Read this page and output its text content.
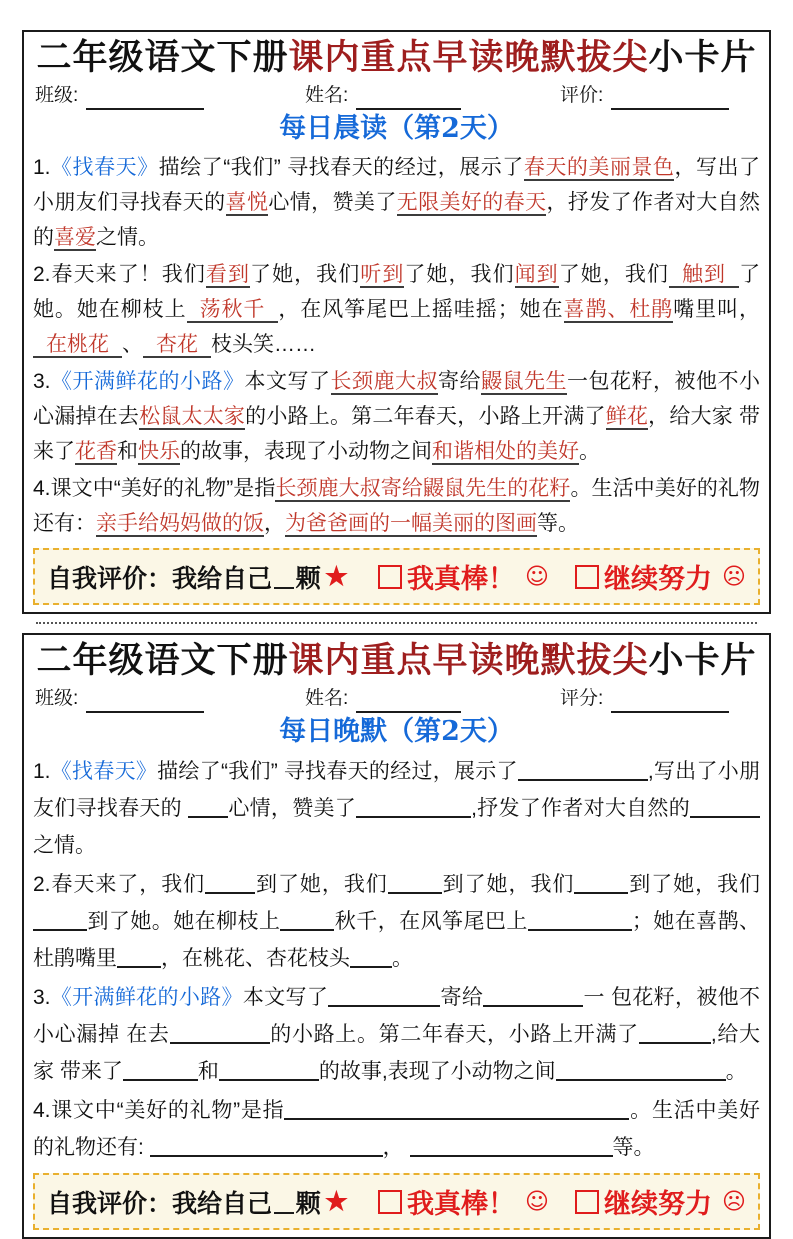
二年级语文下册课内重点早读晚默拔尖小卡片
班级:	姓名:	评价:
每日晨读（第2天）
1.《找春天》描绘了“我们” 寻找春天的经过，展示了春天的美丽景色，写出了小朋友们寻找春天的喜悦心情，赞美了无限美好的春天，抒发了作者对大自然的喜爱之情。
2.春天来了！我们看到了她，我们听到了她，我们闻到了她，我们 触到 了她。她在柳枝上 荡秋千 ，在风筝尾巴上摇哇摇；她在喜鹊、杜鹃嘴里叫，在桃花 、 杏花 枝头笑……
3.《开满鲜花的小路》本文写了长颈鹿大叔寄给鼹鼠先生一包花籽，被他不小心漏掉在去松鼠太太家的小路上。第二年春天，小路上开满了鲜花，给大家 带来了花香和快乐的故事，表现了小动物之间和谐相处的美好。
4.课文中“美好的礼物”是指长颈鹿大叔寄给鼹鼠先生的花籽。生活中美好的礼物还有：亲手给妈妈做的饭，为爸爸画的一幅美丽的图画等。
自我评价：我给自己 颗 ★ 我真棒！ ☺ 继续努力 ☹
二年级语文下册课内重点早读晚默拔尖小卡片
班级:	姓名:	评分:
每日晚默（第2天）
1.《找春天》描绘了“我们” 寻找春天的经过，展示了	,写出了小朋友们寻找春天的 心情，赞美了	,抒发了作者对大自然的之情。
2.春天来了，我们 到了她，我们	到了她，我们	到了她，我们到了她。她在柳枝上	秋千，在风筝尾巴上	；她在喜鹊、杜鹃嘴里 ，在桃花、杏花枝头 。
3.《开满鲜花的小路》本文写了	寄给	一 包花籽，被他不小心漏掉 在去	的小路上。第二年春天，小路上开满了	,给大家 带来了	和	的故事,表现了小动物之间	。
4.课文中“美好的礼物”是指	。生活中美好的礼物还有:	，	等。
自我评价：我给自己 颗 ★ 我真棒！ ☺ 继续努力 ☹
